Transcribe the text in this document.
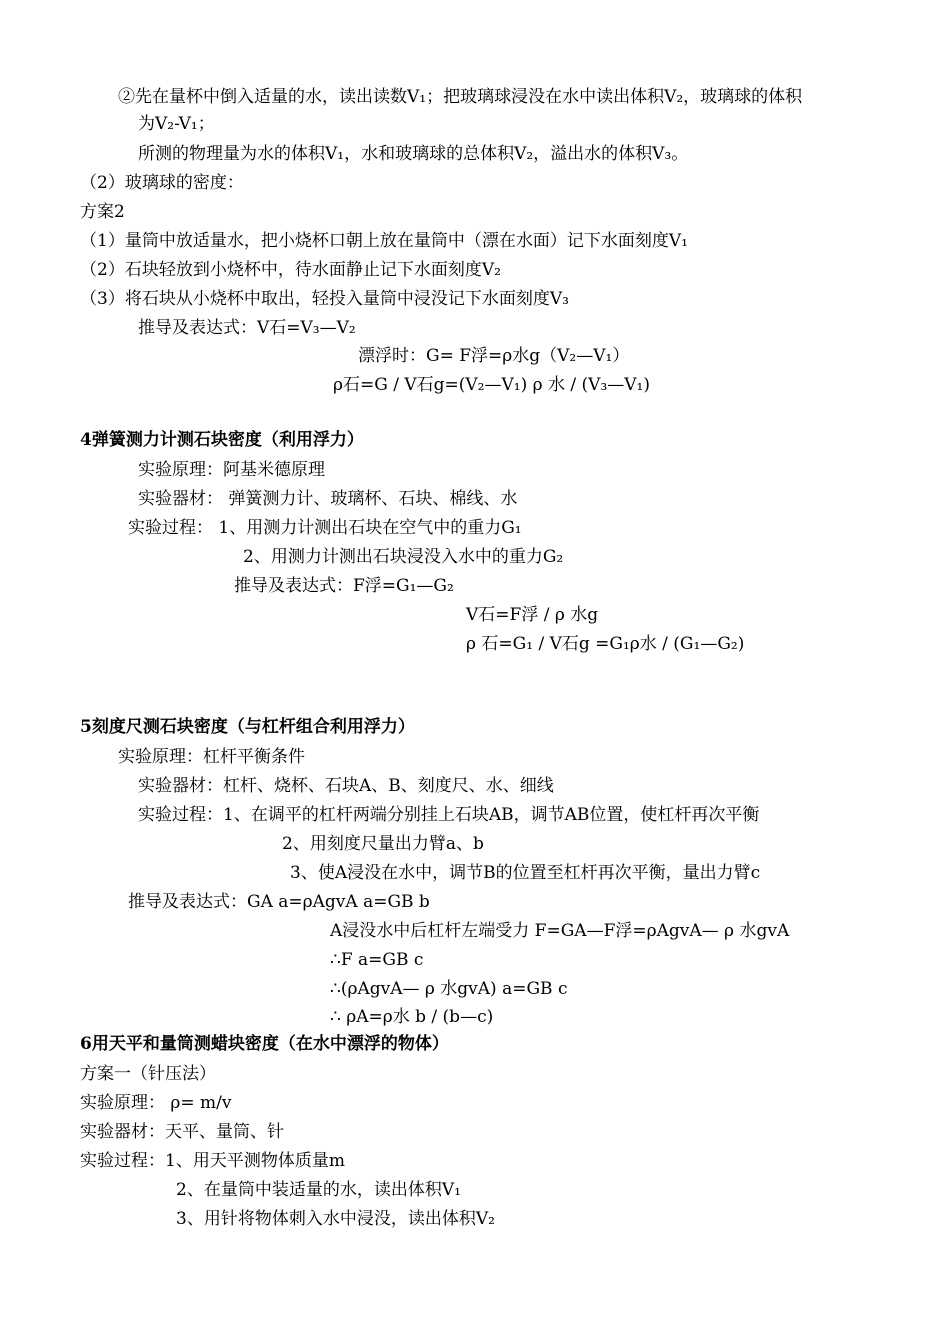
②先在量杯中倒入适量的水，读出读数V₁；把玻璃球浸没在水中读出体积V₂，玻璃球的体积
为V₂-V₁；
所测的物理量为水的体积V₁，水和玻璃球的总体积V₂，溢出水的体积V₃。
（2）玻璃球的密度：
方案2
（1）量筒中放适量水，把小烧杯口朝上放在量筒中（漂在水面）记下水面刻度V₁
（2）石块轻放到小烧杯中，待水面静止记下水面刻度V₂
（3）将石块从小烧杯中取出，轻投入量筒中浸没记下水面刻度V₃
推导及表达式：V石=V₃—V₂
漂浮时：G= F浮=ρ水g（V₂—V₁）
ρ石=G / V石g=(V₂—V₁) ρ 水 / (V₃—V₁)
4弹簧测力计测石块密度（利用浮力）
实验原理：阿基米德原理
实验器材： 弹簧测力计、玻璃杯、石块、棉线、水
实验过程： 1、用测力计测出石块在空气中的重力G₁
2、用测力计测出石块浸没入水中的重力G₂
推导及表达式：F浮=G₁—G₂
V石=F浮 / ρ 水g
ρ 石=G₁ / V石g =G₁ρ水 / (G₁—G₂)
5刻度尺测石块密度（与杠杆组合利用浮力）
实验原理：杠杆平衡条件
实验器材：杠杆、烧杯、石块A、B、刻度尺、水、细线
实验过程：1、在调平的杠杆两端分别挂上石块AB，调节AB位置，使杠杆再次平衡
2、用刻度尺量出力臂a、b
3、使A浸没在水中，调节B的位置至杠杆再次平衡，量出力臂c
推导及表达式：GA a=ρAgvA a=GB b
A浸没水中后杠杆左端受力 F=GA—F浮=ρAgvA— ρ 水gvA
∴F a=GB c
∴(ρAgvA— ρ 水gvA) a=GB c
∴ ρA=ρ水 b / (b—c)
6用天平和量筒测蜡块密度（在水中漂浮的物体）
方案一（针压法）
实验原理： ρ= m/v
实验器材：天平、量筒、针
实验过程：1、用天平测物体质量m
2、在量筒中装适量的水，读出体积V₁
3、用针将物体刺入水中浸没，读出体积V₂
